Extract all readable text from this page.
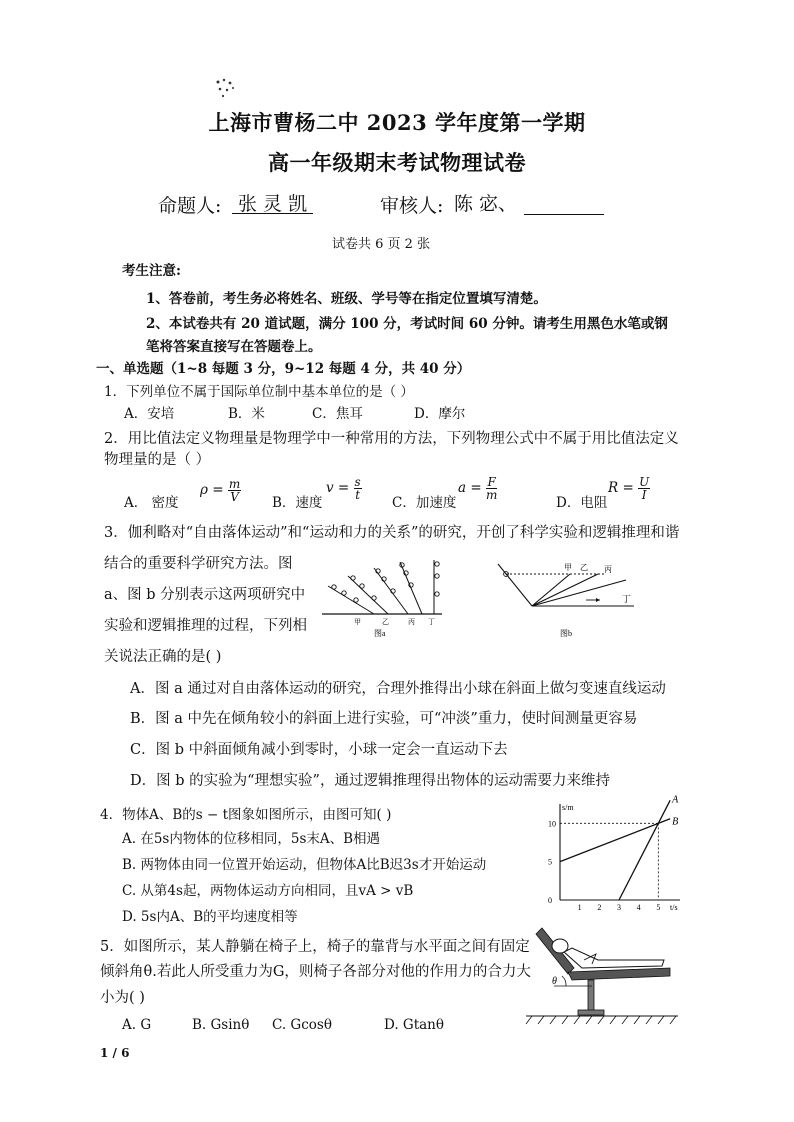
上海市曹杨二中 2023 学年度第一学期
高一年级期末考试物理试卷
命题人: 张 灵 凯	审核人: 陈 宓、
试卷共 6 页 2 张
考生注意:
1、答卷前，考生务必将姓名、班级、学号等在指定位置填写清楚。
2、本试卷共有 20 道试题，满分 100 分，考试时间 60 分钟。请考生用黑色水笔或钢
笔将答案直接写在答题卷上。
一、单选题（1~8 每题 3 分，9~12 每题 4 分，共 40 分）
1．下列单位不属于国际单位制中基本单位的是（ ）
A．安培	B．米	C．焦耳	D．摩尔
2．用比值法定义物理量是物理学中一种常用的方法，下列物理公式中不属于用比值法定义
物理量的是（ ）
A． 密度
$\rho = \frac{m}{V}$ B．速度
$v = \frac{s}{t}$
C．加速度
$a = \frac{F}{m}$
D．电阻
$R = \frac{U}{I}$
3．伽利略对“自由落体运动”和“运动和力的关系”的研究，开创了科学实验和逻辑推理和谐
结合的重要科学研究方法。图
a、图 b 分别表示这两项研究中
实验和逻辑推理的过程，下列相
关说法正确的是( )
甲	乙	丙 丁
图a
甲 乙 丙
丁
图b
A．图 a 通过对自由落体运动的研究，合理外推得出小球在斜面上做匀变速直线运动
B．图 a 中先在倾角较小的斜面上进行实验，可“冲淡”重力，使时间测量更容易
C．图 b 中斜面倾角减小到零时，小球一定会一直运动下去
D．图 b 的实验为“理想实验”，通过逻辑推理得出物体的运动需要力来维持
4．物体A、B的s − t图象如图所示，由图可知( )
A. 在5s内物体的位移相同，5s末A、B相遇
B. 两物体由同一位置开始运动，但物体A比B迟3s才开始运动
C. 从第4s起，两物体运动方向相同，且vA > vB
D. 5s内A、B的平均速度相等
s/m
t/s
A
B
10
5
0
1 2 3 4 5
5．如图所示，某人静躺在椅子上，椅子的靠背与水平面之间有固定
倾斜角θ.若此人所受重力为G，则椅子各部分对他的作用力的合力大
小为( )
A. G	B. Gsinθ C. Gcosθ	D. Gtanθ
θ
1 / 6
